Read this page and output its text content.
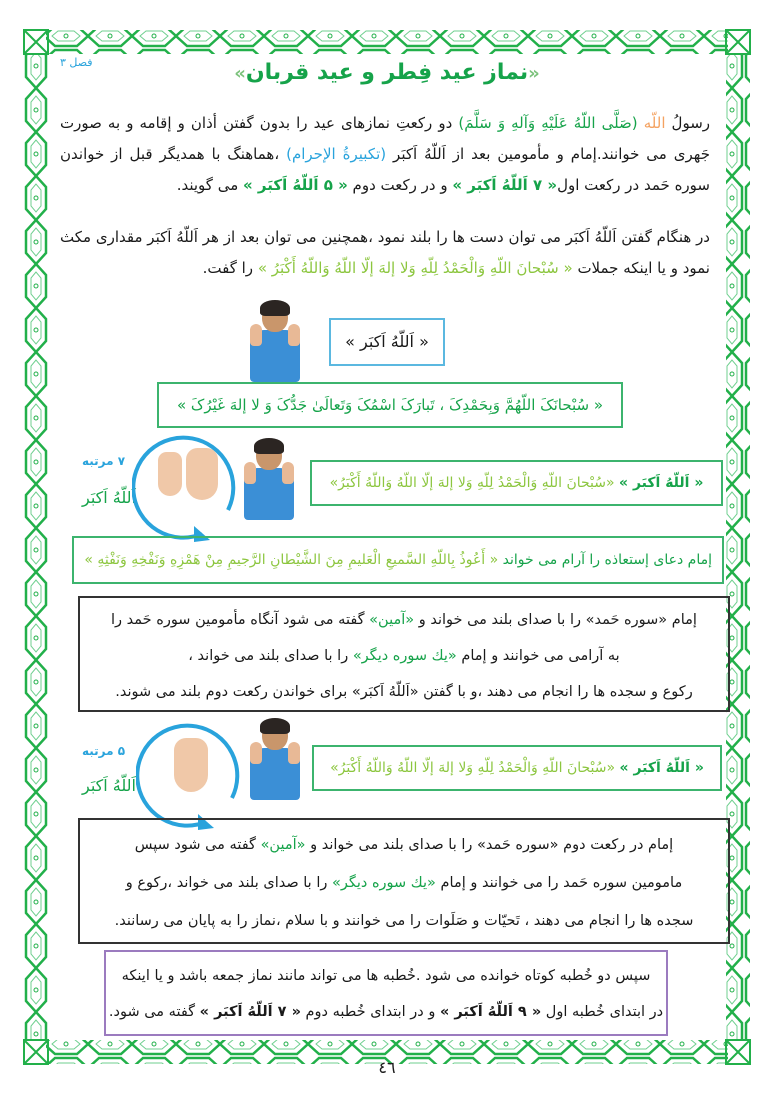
فصل ۳
«نماز عید فِطر و عید قربان»
رسولُ اللّه (صَلَّی اللّهُ عَلَیْهِ وَآلهِ وَ سَلَّمَ) دو رکعتِ نمازهای عید را بدون گفتن أذان و إقامه و به صورت جَهری می خوانند.إمام و مأمومین بعد از اَللّهُ اَکبَر (تکبیرةُ الإحرام) ،هماهنگ با همدیگر قبل از خواندن سوره حَمد در رکعت اول« ۷ اَللّهُ اَکبَر » و در رکعت دوم « ۵ اَللّهُ اَکبَر » می گویند.
در هنگام گفتن اَللّهُ اَکبَر می توان دست ها را بلند نمود ،همچنین می توان بعد از هر اَللّهُ اَکبَر مقداری مکث نمود و یا اینکه جملات « سُبْحانَ اللّهِ وَالْحَمْدُ لِلّهِ وَلا إلهَ إلّا اللّهُ وَاللّهُ أَکْبَرُ » را گفت.
« اَللّهُ اَکبَر »
« سُبْحانَکَ اللّهُمَّ وَبِحَمْدِکَ ، تَبارَکَ اسْمُکَ وَتَعالَیٰ جَدُّکَ وَ لا إلهَ غَیْرُکَ »
۷ مرتبه
اَللّهُ اَکبَر
« اَللّهُ اَکبَر » «سُبْحانَ اللّهِ وَالْحَمْدُ لِلّهِ وَلا إلهَ إلّا اللّهُ وَاللّهُ أَکْبَرُ»
إمام دعای إستعاذه را آرام می خواند « أَعُوذُ بِاللّهِ السَّمیعِ الْعَلیمِ مِنَ الشَّیْطانِ الرَّجیمِ مِنْ هَمْزِهِ وَنَفْخِهِ وَنَفْثِهِ »
إمام «سوره حَمد» را با صدای بلند می خواند و «آمین» گفته می شود آنگاه مأمومین سوره حَمد را
به آرامی می خوانند و إمام «یك سوره دیگر» را با صدای بلند می خواند ،
رکوع و سجده ها را انجام می دهند ،و با گفتن «اَللّهُ اَکبَر» برای خواندن رکعت دوم بلند می شوند.
۵ مرتبه
اَللّهُ اَکبَر
« اَللّهُ اَکبَر » «سُبْحانَ اللّهِ وَالْحَمْدُ لِلّهِ وَلا إلهَ إلّا اللّهُ وَاللّهُ أَکْبَرُ»
إمام در رکعت دوم «سوره حَمد» را با صدای بلند می خواند و «آمین» گفته می شود سپس
مامومین سوره حَمد را می خوانند و إمام «یك سوره دیگر» را با صدای بلند می خواند ،رکوع و
سجده ها را انجام می دهند ، تَحیّات و صَلَوات را می خوانند و با سلام ،نماز را به پایان می رسانند.
سپس دو خُطبه کوتاه خوانده می شود .خُطبه ها می تواند مانند نماز جمعه باشد و یا اینکه
در ابتدای خُطبه اول « ۹ اَللّهُ اَکبَر » و در ابتدای خُطبه دوم « ۷ اَللّهُ اَکبَر » گفته می شود.
٤٦
